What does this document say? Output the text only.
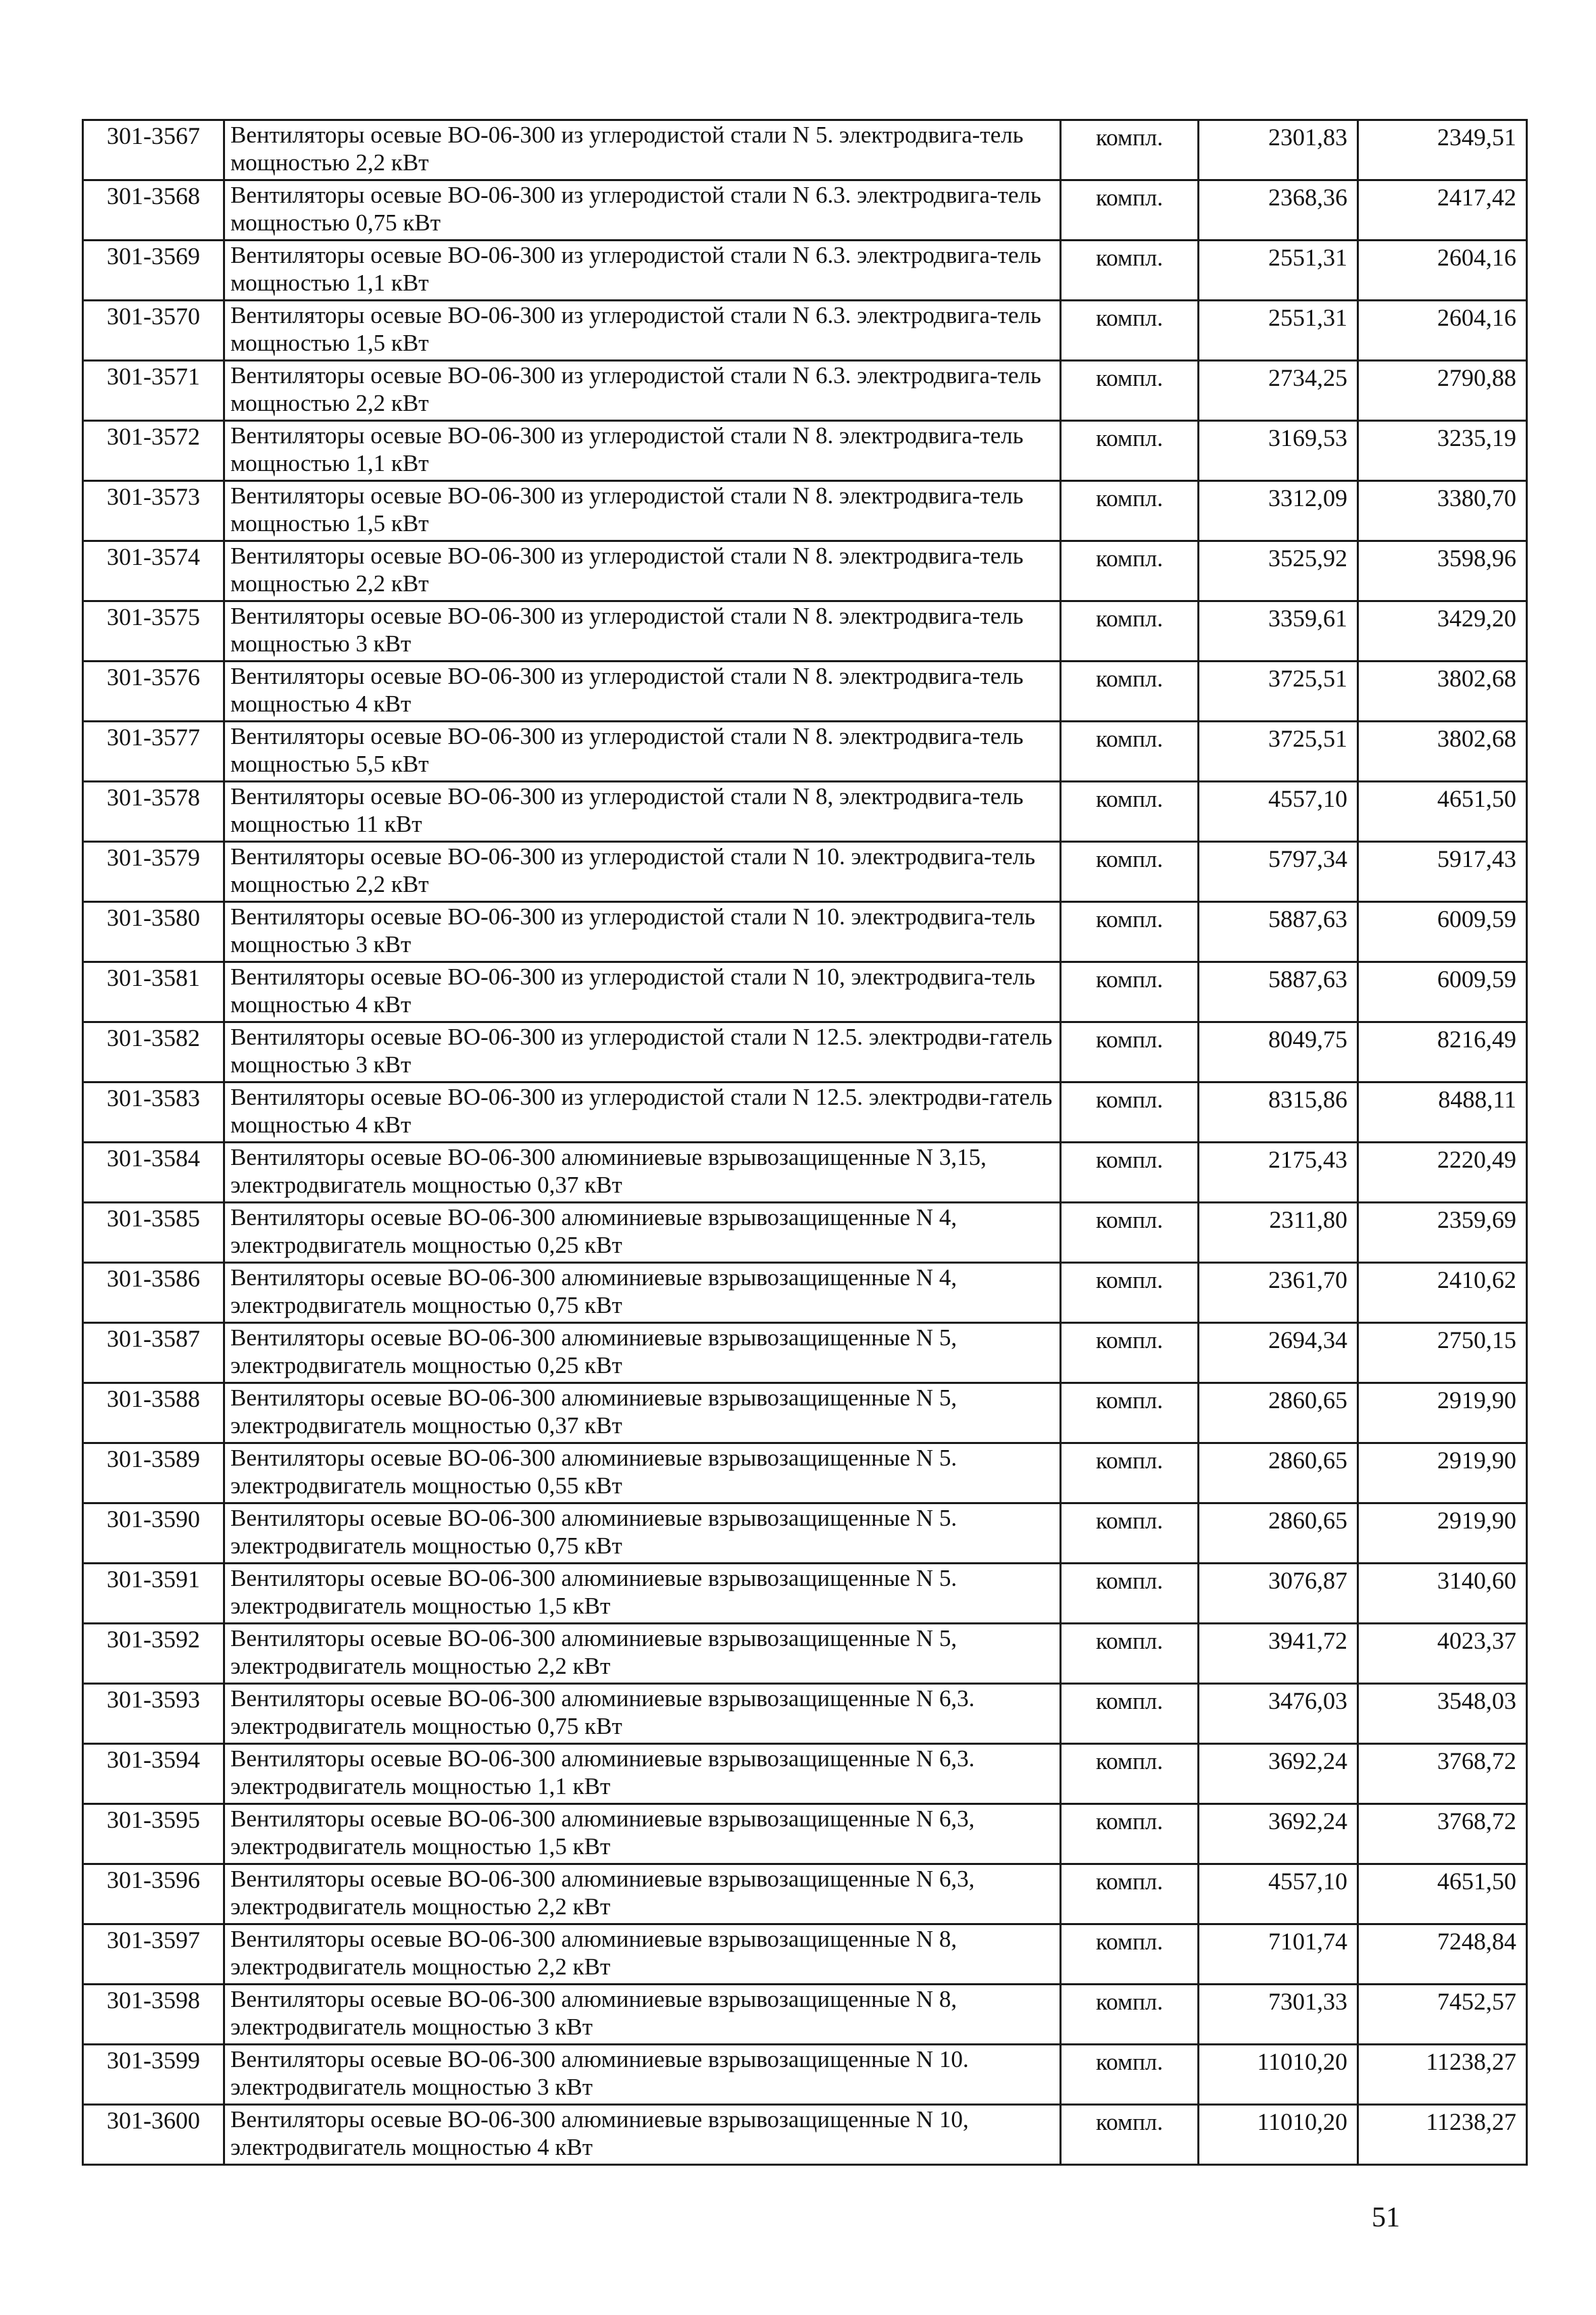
301-3567	Вентиляторы осевые ВО-06-300 из углеродистой стали N 5. электродвига-тель мощностью 2,2 кВт	компл.	2301,83	2349,51
301-3568	Вентиляторы осевые ВО-06-300 из углеродистой стали N 6.3. электродвига-тель мощностью 0,75 кВт	компл.	2368,36	2417,42
301-3569	Вентиляторы осевые ВО-06-300 из углеродистой стали N 6.3. электродвига-тель мощностью 1,1 кВт	компл.	2551,31	2604,16
301-3570	Вентиляторы осевые ВО-06-300 из углеродистой стали N 6.3. электродвига-тель мощностью 1,5 кВт	компл.	2551,31	2604,16
301-3571	Вентиляторы осевые ВО-06-300 из углеродистой стали N 6.3. электродвига-тель мощностью 2,2 кВт	компл.	2734,25	2790,88
301-3572	Вентиляторы осевые ВО-06-300 из углеродистой стали N 8. электродвига-тель мощностью 1,1 кВт	компл.	3169,53	3235,19
301-3573	Вентиляторы осевые ВО-06-300 из углеродистой стали N 8. электродвига-тель мощностью 1,5 кВт	компл.	3312,09	3380,70
301-3574	Вентиляторы осевые ВО-06-300 из углеродистой стали N 8. электродвига-тель мощностью 2,2 кВт	компл.	3525,92	3598,96
301-3575	Вентиляторы осевые ВО-06-300 из углеродистой стали N 8. электродвига-тель мощностью 3 кВт	компл.	3359,61	3429,20
301-3576	Вентиляторы осевые ВО-06-300 из углеродистой стали N 8. электродвига-тель мощностью 4 кВт	компл.	3725,51	3802,68
301-3577	Вентиляторы осевые ВО-06-300 из углеродистой стали N 8. электродвига-тель мощностью 5,5 кВт	компл.	3725,51	3802,68
301-3578	Вентиляторы осевые ВО-06-300 из углеродистой стали N 8, электродвига-тель мощностью 11 кВт	компл.	4557,10	4651,50
301-3579	Вентиляторы осевые ВО-06-300 из углеродистой стали N 10. электродвига-тель мощностью 2,2 кВт	компл.	5797,34	5917,43
301-3580	Вентиляторы осевые ВО-06-300 из углеродистой стали N 10. электродвига-тель мощностью 3 кВт	компл.	5887,63	6009,59
301-3581	Вентиляторы осевые ВО-06-300 из углеродистой стали N 10, электродвига-тель мощностью 4 кВт	компл.	5887,63	6009,59
301-3582	Вентиляторы осевые ВО-06-300 из углеродистой стали N 12.5. электродви-гатель мощностью 3 кВт	компл.	8049,75	8216,49
301-3583	Вентиляторы осевые ВО-06-300 из углеродистой стали N 12.5. электродви-гатель мощностью 4 кВт	компл.	8315,86	8488,11
301-3584	Вентиляторы осевые ВО-06-300 алюминиевые взрывозащищенные N 3,15, электродвигатель мощностью 0,37 кВт	компл.	2175,43	2220,49
301-3585	Вентиляторы осевые ВО-06-300 алюминиевые взрывозащищенные N 4, электродвигатель мощностью 0,25 кВт	компл.	2311,80	2359,69
301-3586	Вентиляторы осевые ВО-06-300 алюминиевые взрывозащищенные N 4, электродвигатель мощностью 0,75 кВт	компл.	2361,70	2410,62
301-3587	Вентиляторы осевые ВО-06-300 алюминиевые взрывозащищенные N 5, электродвигатель мощностью 0,25 кВт	компл.	2694,34	2750,15
301-3588	Вентиляторы осевые ВО-06-300 алюминиевые взрывозащищенные N 5, электродвигатель мощностью 0,37 кВт	компл.	2860,65	2919,90
301-3589	Вентиляторы осевые ВО-06-300 алюминиевые взрывозащищенные N 5. электродвигатель мощностью 0,55 кВт	компл.	2860,65	2919,90
301-3590	Вентиляторы осевые ВО-06-300 алюминиевые взрывозащищенные N 5. электродвигатель мощностью 0,75 кВт	компл.	2860,65	2919,90
301-3591	Вентиляторы осевые ВО-06-300 алюминиевые взрывозащищенные N 5. электродвигатель мощностью 1,5 кВт	компл.	3076,87	3140,60
301-3592	Вентиляторы осевые ВО-06-300 алюминиевые взрывозащищенные N 5, электродвигатель мощностью 2,2 кВт	компл.	3941,72	4023,37
301-3593	Вентиляторы осевые ВО-06-300 алюминиевые взрывозащищенные N 6,3. электродвигатель мощностью 0,75 кВт	компл.	3476,03	3548,03
301-3594	Вентиляторы осевые ВО-06-300 алюминиевые взрывозащищенные N 6,3. электродвигатель мощностью 1,1 кВт	компл.	3692,24	3768,72
301-3595	Вентиляторы осевые ВО-06-300 алюминиевые взрывозащищенные N 6,3, электродвигатель мощностью 1,5 кВт	компл.	3692,24	3768,72
301-3596	Вентиляторы осевые ВО-06-300 алюминиевые взрывозащищенные N 6,3, электродвигатель мощностью 2,2 кВт	компл.	4557,10	4651,50
301-3597	Вентиляторы осевые ВО-06-300 алюминиевые взрывозащищенные N 8, электродвигатель мощностью 2,2 кВт	компл.	7101,74	7248,84
301-3598	Вентиляторы осевые ВО-06-300 алюминиевые взрывозащищенные N 8, электродвигатель мощностью 3 кВт	компл.	7301,33	7452,57
301-3599	Вентиляторы осевые ВО-06-300 алюминиевые взрывозащищенные N 10. электродвигатель мощностью 3 кВт	компл.	11010,20	11238,27
301-3600	Вентиляторы осевые ВО-06-300 алюминиевые взрывозащищенные N 10, электродвигатель мощностью 4 кВт	компл.	11010,20	11238,27
51
